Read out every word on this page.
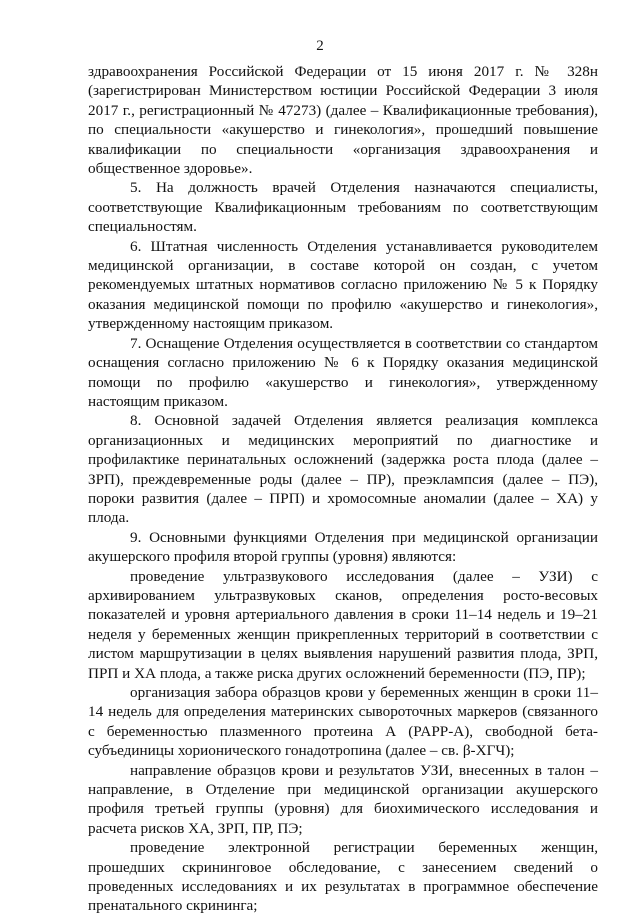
2

здравоохранения Российской Федерации от 15 июня 2017 г. № 328н (зарегистрирован Министерством юстиции Российской Федерации 3 июля 2017 г., регистрационный № 47273) (далее – Квалификационные требования), по специальности «акушерство и гинекология», прошедший повышение квалификации по специальности «организация здравоохранения и общественное здоровье».

5. На должность врачей Отделения назначаются специалисты, соответствующие Квалификационным требованиям по соответствующим специальностям.

6. Штатная численность Отделения устанавливается руководителем медицинской организации, в составе которой он создан, с учетом рекомендуемых штатных нормативов согласно приложению № 5 к Порядку оказания медицинской помощи по профилю «акушерство и гинекология», утвержденному настоящим приказом.

7. Оснащение Отделения осуществляется в соответствии со стандартом оснащения согласно приложению № 6 к Порядку оказания медицинской помощи по профилю «акушерство и гинекология», утвержденному настоящим приказом.

8. Основной задачей Отделения является реализация комплекса организационных и медицинских мероприятий по диагностике и профилактике перинатальных осложнений (задержка роста плода (далее – ЗРП), преждевременные роды (далее – ПР), преэклампсия (далее – ПЭ), пороки развития (далее – ПРП) и хромосомные аномалии (далее – ХА) у плода.

9. Основными функциями Отделения при медицинской организации акушерского профиля второй группы (уровня) являются:

проведение ультразвукового исследования (далее – УЗИ) с архивированием ультразвуковых сканов, определения росто-весовых показателей и уровня артериального давления в сроки 11–14 недель и 19–21 неделя у беременных женщин прикрепленных территорий в соответствии с листом маршрутизации в целях выявления нарушений развития плода, ЗРП, ПРП и ХА плода, а также риска других осложнений беременности (ПЭ, ПР);

организация забора образцов крови у беременных женщин в сроки 11–14 недель для определения материнских сывороточных маркеров (связанного с беременностью плазменного протеина А (PAPP-A), свободной бета-субъединицы хорионического гонадотропина (далее – св. β-ХГЧ);

направление образцов крови и результатов УЗИ, внесенных в талон – направление, в Отделение при медицинской организации акушерского профиля третьей группы (уровня) для биохимического исследования и расчета рисков ХА, ЗРП, ПР, ПЭ;

проведение электронной регистрации беременных женщин, прошедших скрининговое обследование, с занесением сведений о проведенных исследованиях и их результатах в программное обеспечение пренатального скрининга;
